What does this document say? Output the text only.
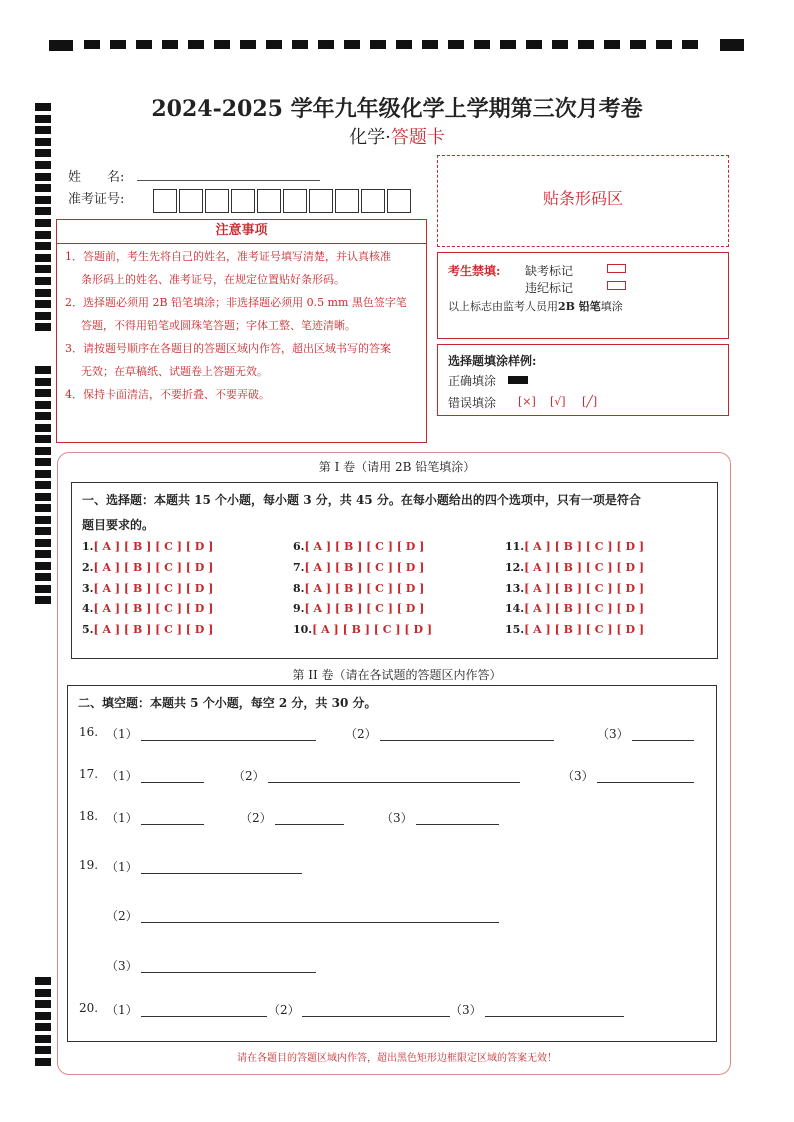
2024-2025 学年九年级化学上学期第三次月考卷
化学·答题卡
姓　　名:
准考证号:	贴条形码区
注意事项
1．答题前，考生先将自己的姓名，准考证号填写清楚，并认真核准
条形码上的姓名、准考证号，在规定位置贴好条形码。
2．选择题必须用 2B 铅笔填涂；非选择题必须用 0.5 mm 黑色签字笔
答题，不得用铅笔或圆珠笔答题；字体工整、笔迹清晰。
3．请按题号顺序在各题目的答题区域内作答，超出区域书写的答案
无效；在草稿纸、试题卷上答题无效。
4．保持卡面清洁，不要折叠、不要弄破。
考生禁填: 缺考标记
违纪标记
以上标志由监考人员用2B 铅笔填涂
选择题填涂样例:
正确填涂
错误填涂 [×] [√] [╱]
第 I 卷（请用 2B 铅笔填涂）
一、选择题：本题共 15 个小题，每小题 3 分，共 45 分。在每小题给出的四个选项中，只有一项是符合
题目要求的。
1.[ A ] [ B ] [ C ] [ D ]
2.[ A ] [ B ] [ C ] [ D ]
3.[ A ] [ B ] [ C ] [ D ]
4.[ A ] [ B ] [ C ] [ D ]
5.[ A ] [ B ] [ C ] [ D ]
6.[ A ] [ B ] [ C ] [ D ]
7.[ A ] [ B ] [ C ] [ D ]
8.[ A ] [ B ] [ C ] [ D ]
9.[ A ] [ B ] [ C ] [ D ]
10.[ A ] [ B ] [ C ] [ D ]
11.[ A ] [ B ] [ C ] [ D ]
12.[ A ] [ B ] [ C ] [ D ]
13.[ A ] [ B ] [ C ] [ D ]
14.[ A ] [ B ] [ C ] [ D ]
15.[ A ] [ B ] [ C ] [ D ]
第 II 卷（请在各试题的答题区内作答）
二、填空题：本题共 5 个小题，每空 2 分，共 30 分。
16. （1）	（2）	（3）
17. （1）	（2）	（3）
18. （1）	（2）	（3）
19. （1）
（2）
（3）
20. （1）	（2）	（3）
请在各题目的答题区域内作答，超出黑色矩形边框限定区域的答案无效！
